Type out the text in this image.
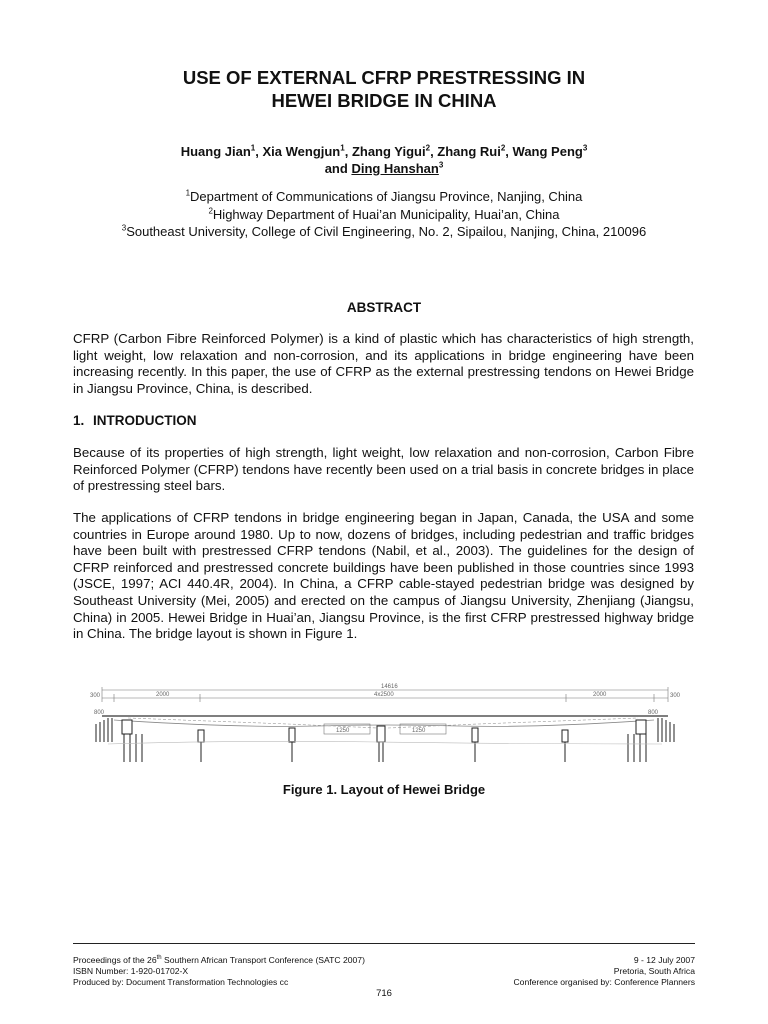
USE OF EXTERNAL CFRP PRESTRESSING IN
HEWEI BRIDGE IN CHINA
Huang Jian$^1$, Xia Wengjun$^1$, Zhang Yigui$^2$, Zhang Rui$^2$, Wang Peng$^3$
and Ding Hanshan$^3$
$^1$Department of Communications of Jiangsu Province, Nanjing, China
$^2$Highway Department of Huai’an Municipality, Huai’an, China
$^3$Southeast University, College of Civil Engineering, No. 2, Sipailou, Nanjing, China, 210096
ABSTRACT
CFRP (Carbon Fibre Reinforced Polymer) is a kind of plastic which has characteristics of high strength, light weight, low relaxation and non-corrosion, and its applications in bridge engineering have been increasing recently. In this paper, the use of CFRP as the external prestressing tendons on Hewei Bridge in Jiangsu Province, China, is described.
1. INTRODUCTION
Because of its properties of high strength, light weight, low relaxation and non-corrosion, Carbon Fibre Reinforced Polymer (CFRP) tendons have recently been used on a trial basis in concrete bridges in place of prestressing steel bars.
The applications of CFRP tendons in bridge engineering began in Japan, Canada, the USA and some countries in Europe around 1980. Up to now, dozens of bridges, including pedestrian and traffic bridges have been built with prestressed CFRP tendons (Nabil, et al., 2003). The guidelines for the design of CFRP reinforced and prestressed concrete buildings have been published in those countries since 1993 (JSCE, 1997; ACI 440.4R, 2004). In China, a CFRP cable-stayed pedestrian bridge was designed by Southeast University (Mei, 2005) and erected on the campus of Jiangsu University, Zhenjiang (Jiangsu, China) in 2005. Hewei Bridge in Huai’an, Jiangsu Province, is the first CFRP prestressed highway bridge in China. The bridge layout is shown in Figure 1.
14616
300	2000	4x2500	2000	300
800	800
1250	1250
Figure 1. Layout of Hewei Bridge
Proceedings of the 26th Southern African Transport Conference (SATC 2007)
ISBN Number: 1-920-01702-X
Produced by: Document Transformation Technologies cc
9 - 12 July 2007
Pretoria, South Africa
Conference organised by: Conference Planners
716
